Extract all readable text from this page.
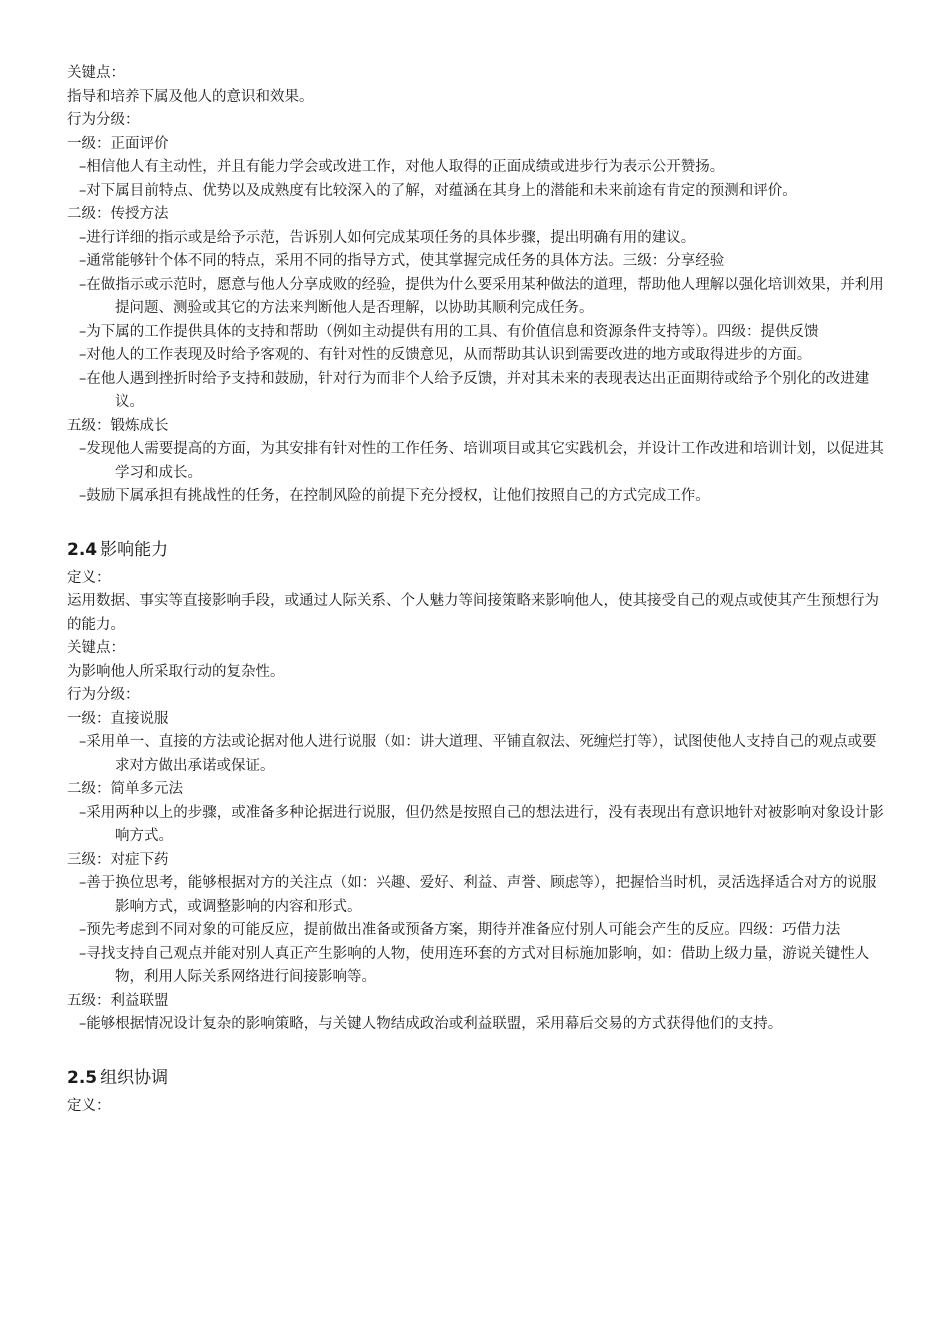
关键点：
指导和培养下属及他人的意识和效果。
行为分级：
一级：正面评价
–相信他人有主动性，并且有能力学会或改进工作，对他人取得的正面成绩或进步行为表示公开赞扬。
–对下属目前特点、优势以及成熟度有比较深入的了解，对蕴涵在其身上的潜能和未来前途有肯定的预测和评价。
二级：传授方法
–进行详细的指示或是给予示范，告诉别人如何完成某项任务的具体步骤，提出明确有用的建议。
–通常能够针个体不同的特点，采用不同的指导方式，使其掌握完成任务的具体方法。三级：分享经验
–在做指示或示范时，愿意与他人分享成败的经验，提供为什么要采用某种做法的道理，帮助他人理解以强化培训效果，并利用提问题、测验或其它的方法来判断他人是否理解，以协助其顺利完成任务。
–为下属的工作提供具体的支持和帮助（例如主动提供有用的工具、有价值信息和资源条件支持等）。四级：提供反馈
–对他人的工作表现及时给予客观的、有针对性的反馈意见，从而帮助其认识到需要改进的地方或取得进步的方面。
–在他人遇到挫折时给予支持和鼓励，针对行为而非个人给予反馈，并对其未来的表现表达出正面期待或给予个别化的改进建议。
五级：锻炼成长
–发现他人需要提高的方面，为其安排有针对性的工作任务、培训项目或其它实践机会，并设计工作改进和培训计划，以促进其学习和成长。
–鼓励下属承担有挑战性的任务，在控制风险的前提下充分授权，让他们按照自己的方式完成工作。
2.4 影响能力
定义：
运用数据、事实等直接影响手段，或通过人际关系、个人魅力等间接策略来影响他人，使其接受自己的观点或使其产生预想行为的能力。
关键点：
为影响他人所采取行动的复杂性。
行为分级：
一级：直接说服
–采用单一、直接的方法或论据对他人进行说服（如：讲大道理、平铺直叙法、死缠烂打等），试图使他人支持自己的观点或要求对方做出承诺或保证。
二级：简单多元法
–采用两种以上的步骤，或准备多种论据进行说服，但仍然是按照自己的想法进行，没有表现出有意识地针对被影响对象设计影响方式。
三级：对症下药
–善于换位思考，能够根据对方的关注点（如：兴趣、爱好、利益、声誉、顾虑等），把握恰当时机，灵活选择适合对方的说服影响方式，或调整影响的内容和形式。
–预先考虑到不同对象的可能反应，提前做出准备或预备方案，期待并准备应付别人可能会产生的反应。四级：巧借力法
–寻找支持自己观点并能对别人真正产生影响的人物，使用连环套的方式对目标施加影响，如：借助上级力量，游说关键性人物，利用人际关系网络进行间接影响等。
五级：利益联盟
–能够根据情况设计复杂的影响策略，与关键人物结成政治或利益联盟，采用幕后交易的方式获得他们的支持。
2.5 组织协调
定义：
